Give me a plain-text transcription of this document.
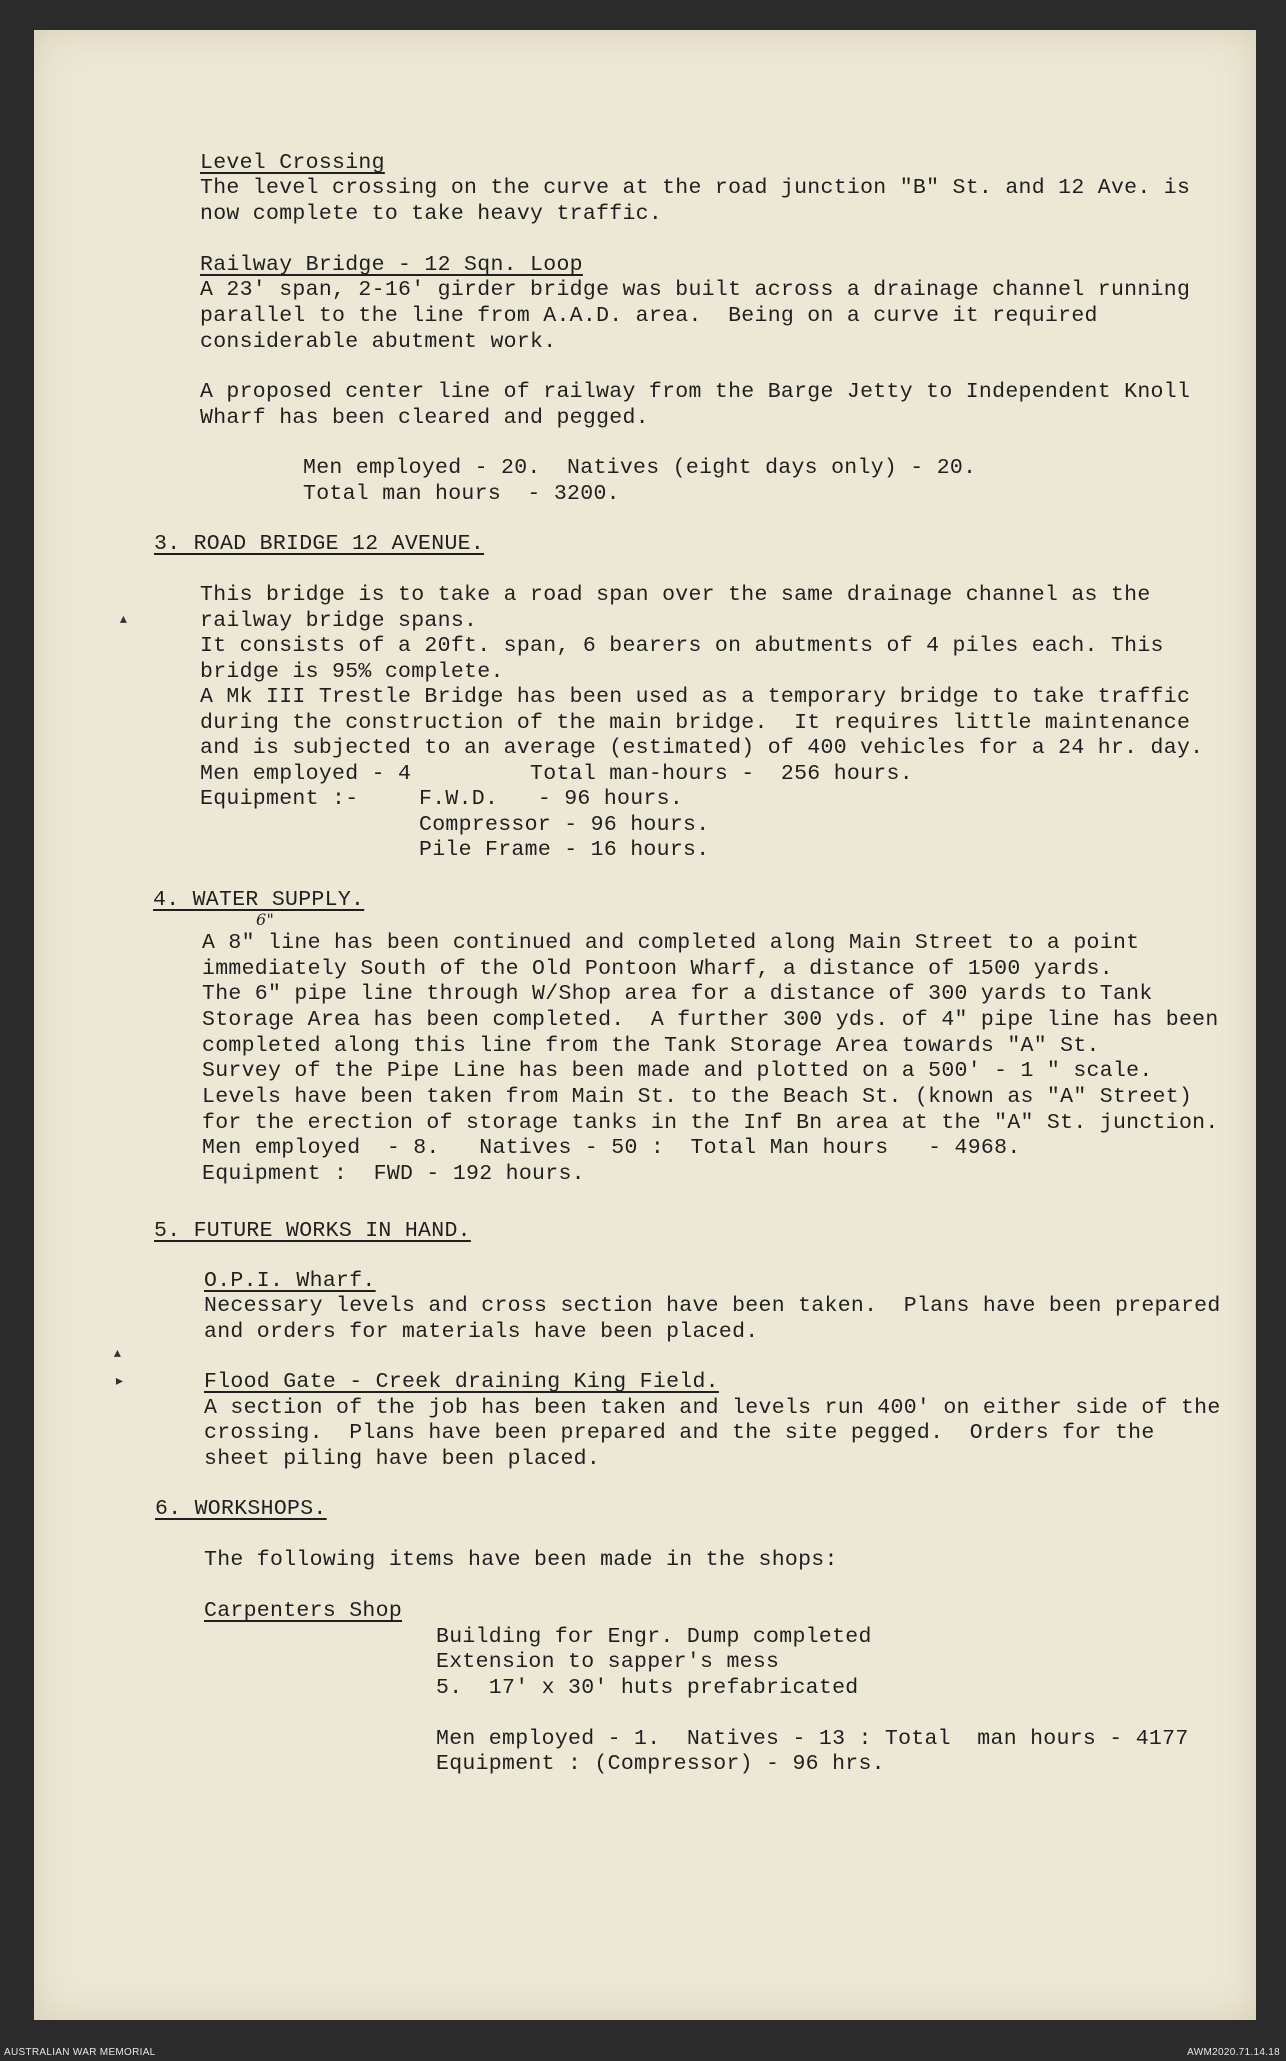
Level Crossing
The level crossing on the curve at the road junction "B" St. and 12 Ave. is
now complete to take heavy traffic.
Railway Bridge - 12 Sqn. Loop
A 23' span, 2-16' girder bridge was built across a drainage channel running
parallel to the line from A.A.D. area.  Being on a curve it required
considerable abutment work.
A proposed center line of railway from the Barge Jetty to Independent Knoll
Wharf has been cleared and pegged.
Men employed - 20.  Natives (eight days only) - 20.
Total man hours  - 3200.
3. ROAD BRIDGE 12 AVENUE.
This bridge is to take a road span over the same drainage channel as the
railway bridge spans.
It consists of a 20ft. span, 6 bearers on abutments of 4 piles each. This
bridge is 95% complete.
A Mk III Trestle Bridge has been used as a temporary bridge to take traffic
during the construction of the main bridge.  It requires little maintenance
and is subjected to an average (estimated) of 400 vehicles for a 24 hr. day.
Men employed - 4         Total man-hours -  256 hours.
Equipment :-	F.W.D.   - 96 hours.
Compressor - 96 hours.
Pile Frame - 16 hours.
4. WATER SUPPLY.
6"
A 8" line has been continued and completed along Main Street to a point
immediately South of the Old Pontoon Wharf, a distance of 1500 yards.
The 6" pipe line through W/Shop area for a distance of 300 yards to Tank
Storage Area has been completed.  A further 300 yds. of 4" pipe line has been
completed along this line from the Tank Storage Area towards "A" St.
Survey of the Pipe Line has been made and plotted on a 500' - 1 " scale.
Levels have been taken from Main St. to the Beach St. (known as "A" Street)
for the erection of storage tanks in the Inf Bn area at the "A" St. junction.
Men employed  - 8.   Natives - 50 :  Total Man hours   - 4968.
Equipment :  FWD - 192 hours.
5. FUTURE WORKS IN HAND.
O.P.I. Wharf.
Necessary levels and cross section have been taken.  Plans have been prepared
and orders for materials have been placed.
Flood Gate - Creek draining King Field.
A section of the job has been taken and levels run 400' on either side of the
crossing.  Plans have been prepared and the site pegged.  Orders for the
sheet piling have been placed.
6. WORKSHOPS.
The following items have been made in the shops:
Carpenters Shop
Building for Engr. Dump completed
Extension to sapper's mess
5.  17' x 30' huts prefabricated
Men employed - 1.  Natives - 13 : Total  man hours - 4177
Equipment : (Compressor) - 96 hrs.
▴
▴
▸
AUSTRALIAN WAR MEMORIAL	AWM2020.71.14.18
